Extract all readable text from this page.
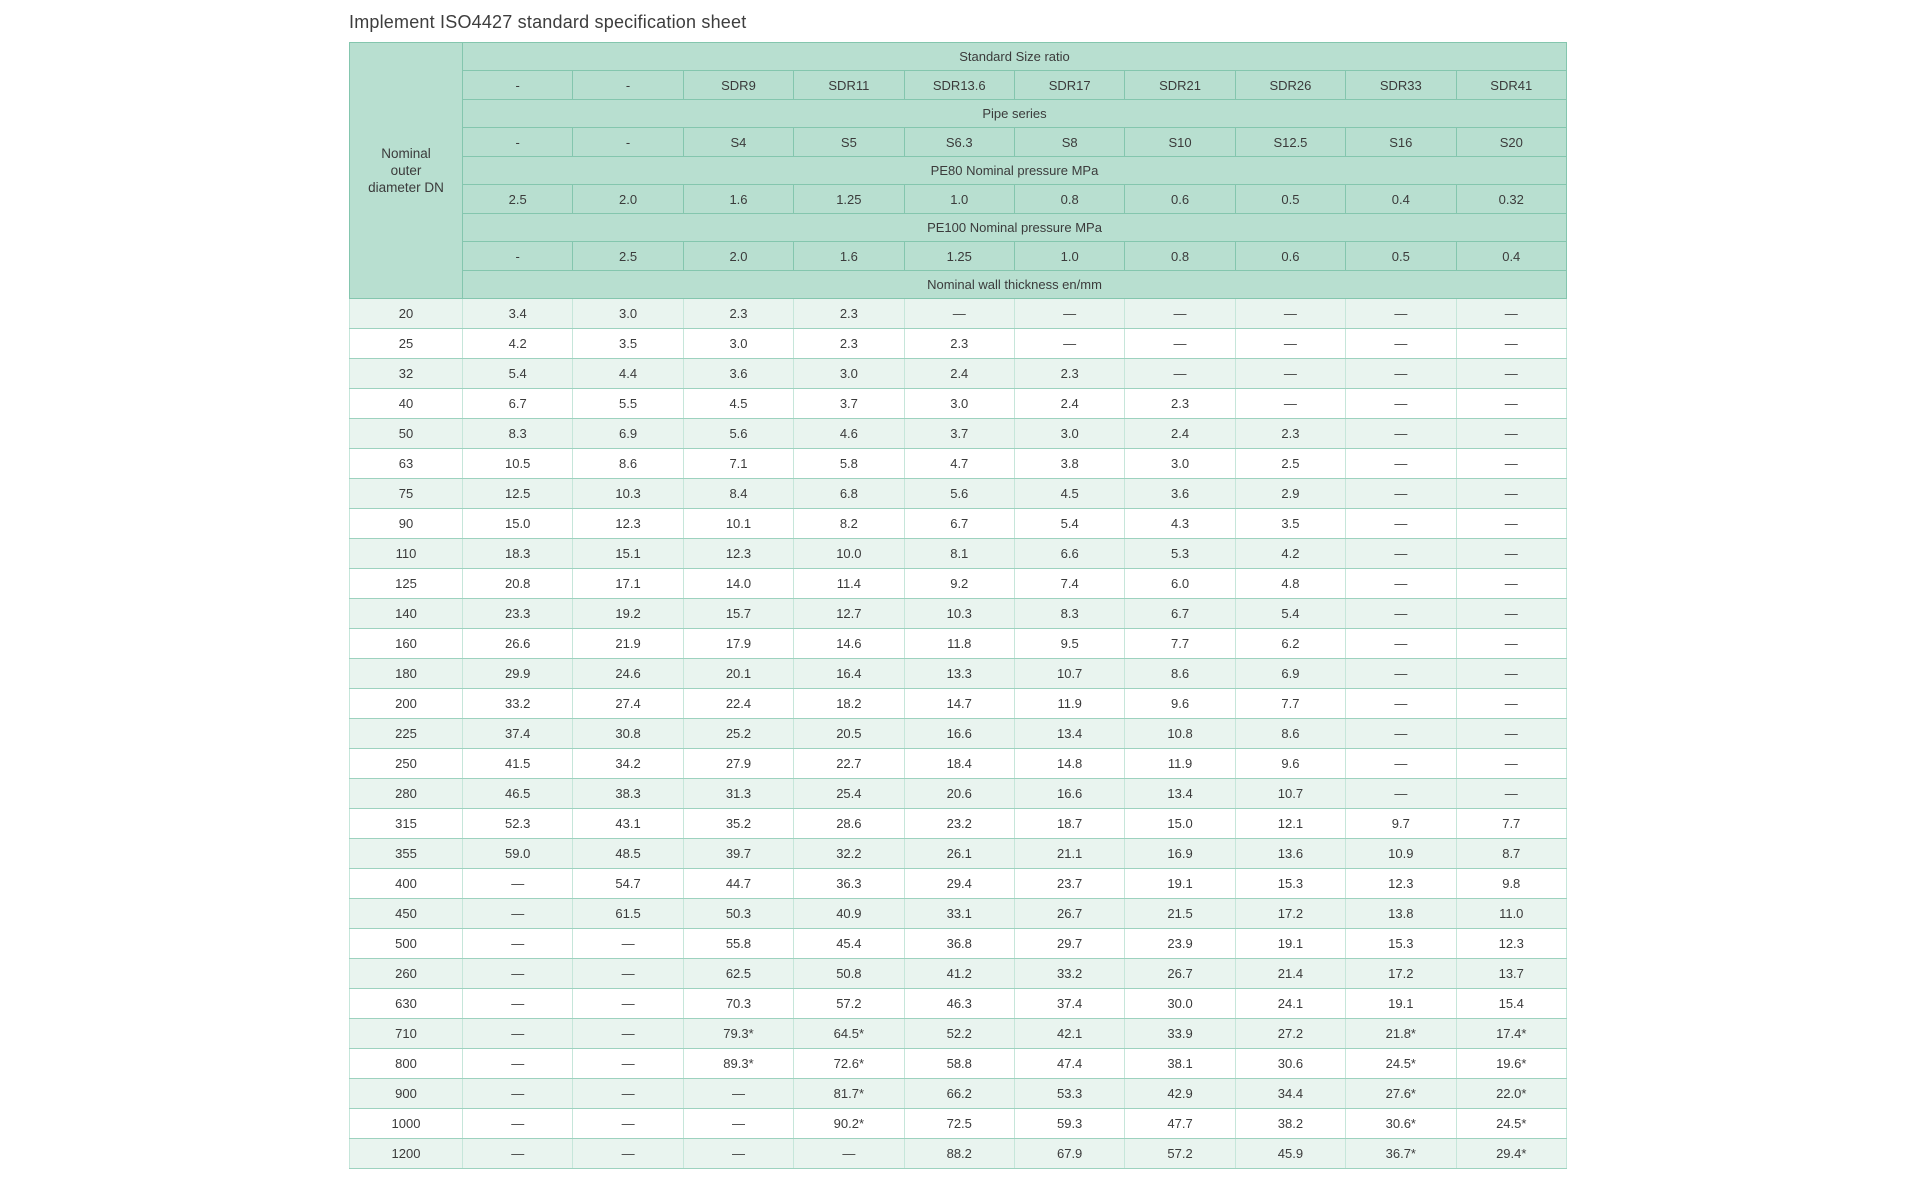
Implement ISO4427 standard specification sheet
Nominal outer diameter DN	Standard Size ratio									
	-	-	SDR9	SDR11	SDR13.6	SDR17	SDR21	SDR26	SDR33	SDR41
	Pipe series									
	-	-	S4	S5	S6.3	S8	S10	S12.5	S16	S20
	PE80 Nominal pressure MPa									
	2.5	2.0	1.6	1.25	1.0	0.8	0.6	0.5	0.4	0.32
	PE100 Nominal pressure MPa									
	-	2.5	2.0	1.6	1.25	1.0	0.8	0.6	0.5	0.4
	Nominal wall thickness en/mm									
20	3.4	3.0	2.3	2.3	—	—	—	—	—	—
25	4.2	3.5	3.0	2.3	2.3	—	—	—	—	—
32	5.4	4.4	3.6	3.0	2.4	2.3	—	—	—	—
40	6.7	5.5	4.5	3.7	3.0	2.4	2.3	—	—	—
50	8.3	6.9	5.6	4.6	3.7	3.0	2.4	2.3	—	—
63	10.5	8.6	7.1	5.8	4.7	3.8	3.0	2.5	—	—
75	12.5	10.3	8.4	6.8	5.6	4.5	3.6	2.9	—	—
90	15.0	12.3	10.1	8.2	6.7	5.4	4.3	3.5	—	—
110	18.3	15.1	12.3	10.0	8.1	6.6	5.3	4.2	—	—
125	20.8	17.1	14.0	11.4	9.2	7.4	6.0	4.8	—	—
140	23.3	19.2	15.7	12.7	10.3	8.3	6.7	5.4	—	—
160	26.6	21.9	17.9	14.6	11.8	9.5	7.7	6.2	—	—
180	29.9	24.6	20.1	16.4	13.3	10.7	8.6	6.9	—	—
200	33.2	27.4	22.4	18.2	14.7	11.9	9.6	7.7	—	—
225	37.4	30.8	25.2	20.5	16.6	13.4	10.8	8.6	—	—
250	41.5	34.2	27.9	22.7	18.4	14.8	11.9	9.6	—	—
280	46.5	38.3	31.3	25.4	20.6	16.6	13.4	10.7	—	—
315	52.3	43.1	35.2	28.6	23.2	18.7	15.0	12.1	9.7	7.7
355	59.0	48.5	39.7	32.2	26.1	21.1	16.9	13.6	10.9	8.7
400	—	54.7	44.7	36.3	29.4	23.7	19.1	15.3	12.3	9.8
450	—	61.5	50.3	40.9	33.1	26.7	21.5	17.2	13.8	11.0
500	—	—	55.8	45.4	36.8	29.7	23.9	19.1	15.3	12.3
260	—	—	62.5	50.8	41.2	33.2	26.7	21.4	17.2	13.7
630	—	—	70.3	57.2	46.3	37.4	30.0	24.1	19.1	15.4
710	—	—	79.3*	64.5*	52.2	42.1	33.9	27.2	21.8*	17.4*
800	—	—	89.3*	72.6*	58.8	47.4	38.1	30.6	24.5*	19.6*
900	—	—	—	81.7*	66.2	53.3	42.9	34.4	27.6*	22.0*
1000	—	—	—	90.2*	72.5	59.3	47.7	38.2	30.6*	24.5*
1200	—	—	—	—	88.2	67.9	57.2	45.9	36.7*	29.4*
